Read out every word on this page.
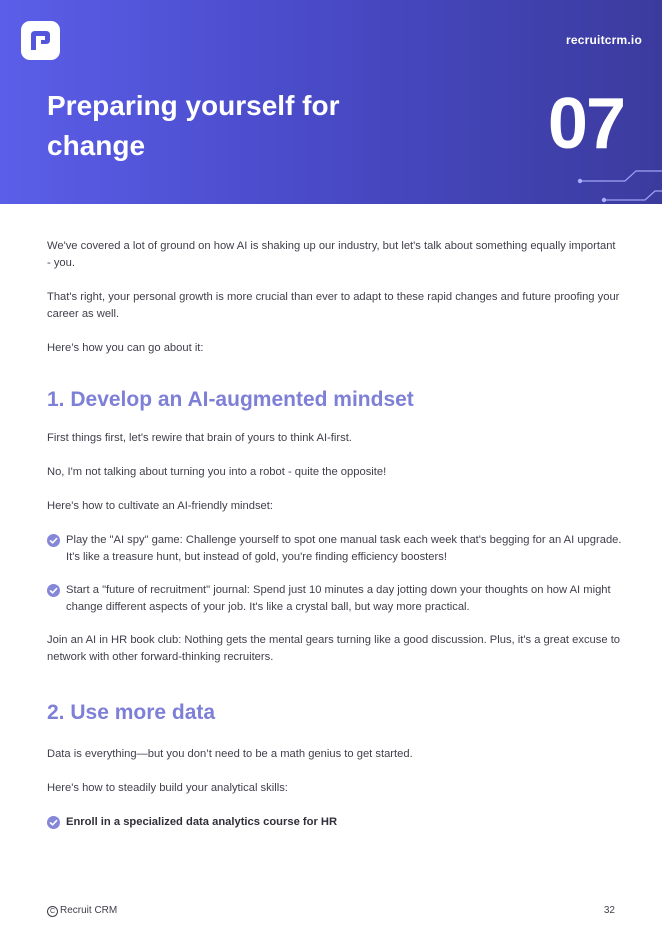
recruitcrm.io
Preparing yourself for change	07

We've covered a lot of ground on how AI is shaking up our industry, but let's talk about something equally important - you.

That's right, your personal growth is more crucial than ever to adapt to these rapid changes and future proofing your career as well.

Here’s how you can go about it:

1. Develop an AI-augmented mindset

First things first, let's rewire that brain of yours to think AI-first.

No, I'm not talking about turning you into a robot - quite the opposite!

Here's how to cultivate an AI-friendly mindset:

Play the "AI spy" game: Challenge yourself to spot one manual task each week that's begging for an AI upgrade. It's like a treasure hunt, but instead of gold, you're finding efficiency boosters!
Start a "future of recruitment" journal: Spend just 10 minutes a day jotting down your thoughts on how AI might change different aspects of your job. It's like a crystal ball, but way more practical.

Join an AI in HR book club: Nothing gets the mental gears turning like a good discussion. Plus, it's a great excuse to network with other forward-thinking recruiters.

2. Use more data

Data is everything—but you don’t need to be a math genius to get started.

Here's how to steadily build your analytical skills:

Enroll in a specialized data analytics course for HR
C Recruit CRM	32
